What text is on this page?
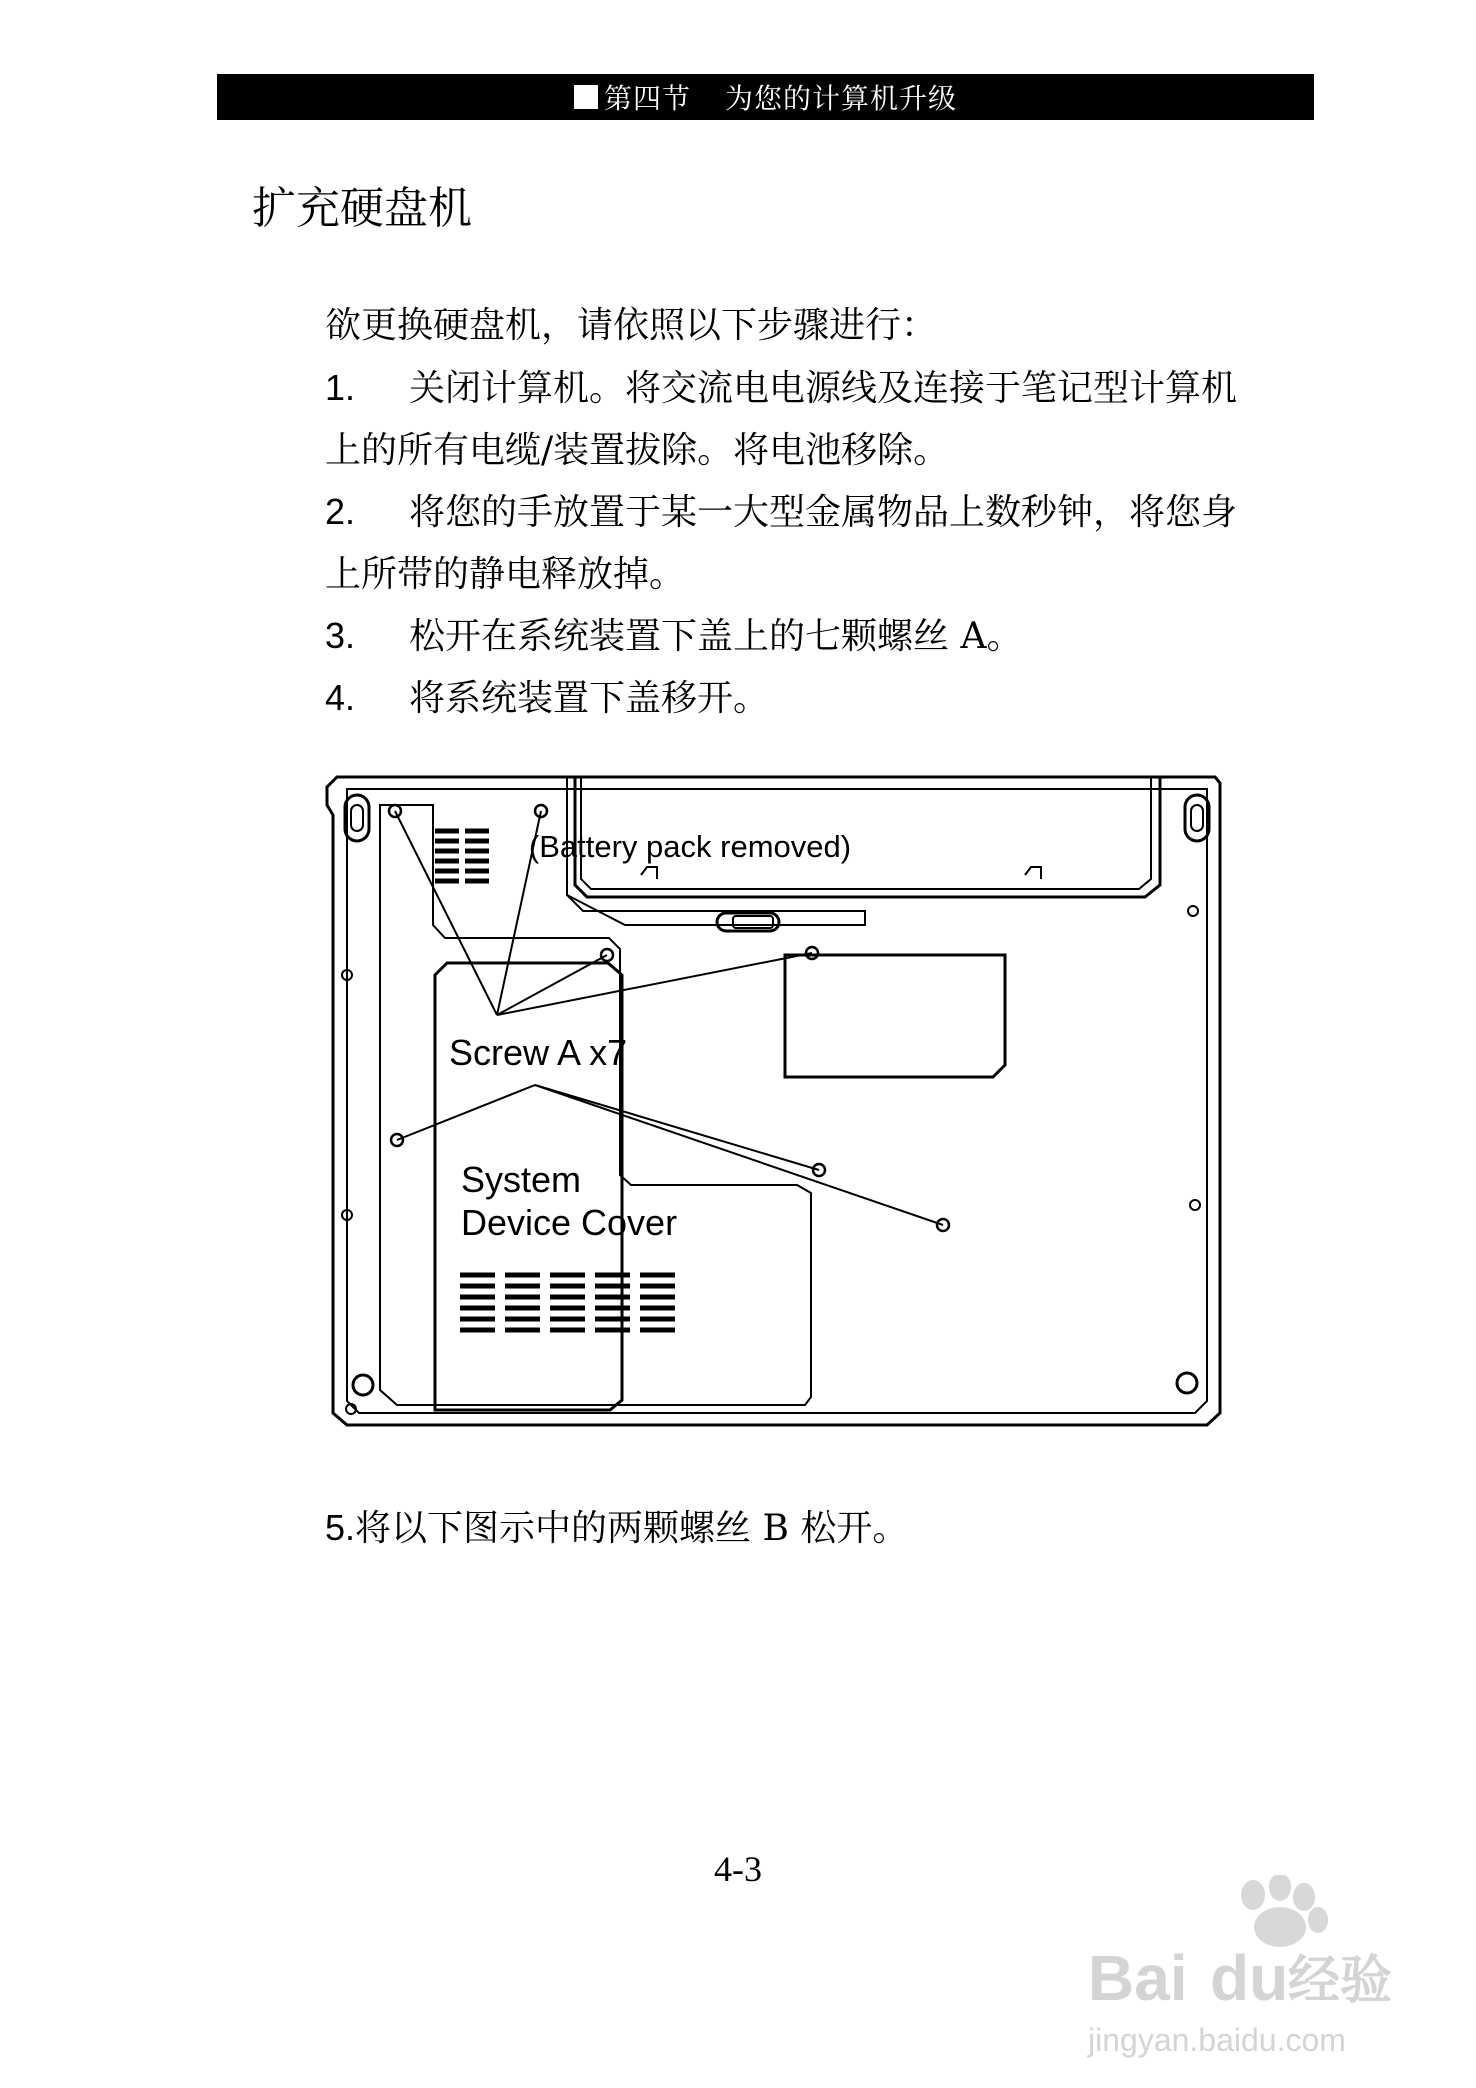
第四节 为您的计算机升级
扩充硬盘机
欲更换硬盘机，请依照以下步骤进行：
1. 关闭计算机。将交流电电源线及连接于笔记型计算机
上的所有电缆/装置拔除。将电池移除。
2. 将您的手放置于某一大型金属物品上数秒钟，将您身
上所带的静电释放掉。
3. 松开在系统装置下盖上的七颗螺丝 A。
4. 将系统装置下盖移开。
(Battery pack removed)
Screw A x7
System
Device Cover
5.将以下图示中的两颗螺丝 B 松开。
4-3
Bai du 经验
jingyan.baidu.com
